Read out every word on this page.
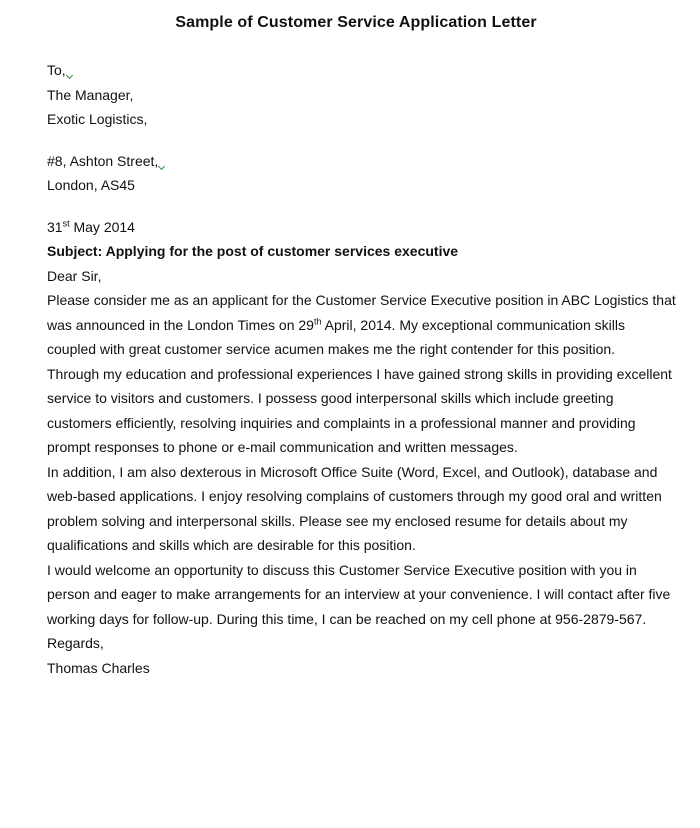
Sample of Customer Service Application Letter

To,

The Manager,

Exotic Logistics,

#8, Ashton Street,

London, AS45

31st May 2014

Subject: Applying for the post of customer services executive

Dear Sir,

Please consider me as an applicant for the Customer Service Executive position in ABC Logistics that was announced in the London Times on 29th April, 2014. My exceptional communication skills coupled with great customer service acumen makes me the right contender for this position.

Through my education and professional experiences I have gained strong skills in providing excellent service to visitors and customers. I possess good interpersonal skills which include greeting customers efficiently, resolving inquiries and complaints in a professional manner and providing prompt responses to phone or e-mail communication and written messages.

In addition, I am also dexterous in Microsoft Office Suite (Word, Excel, and Outlook), database and web-based applications. I enjoy resolving complains of customers through my good oral and written problem solving and interpersonal skills. Please see my enclosed resume for details about my qualifications and skills which are desirable for this position.

I would welcome an opportunity to discuss this Customer Service Executive position with you in person and eager to make arrangements for an interview at your convenience. I will contact after five working days for follow-up. During this time, I can be reached on my cell phone at 956-2879-567.

Regards,

Thomas Charles
